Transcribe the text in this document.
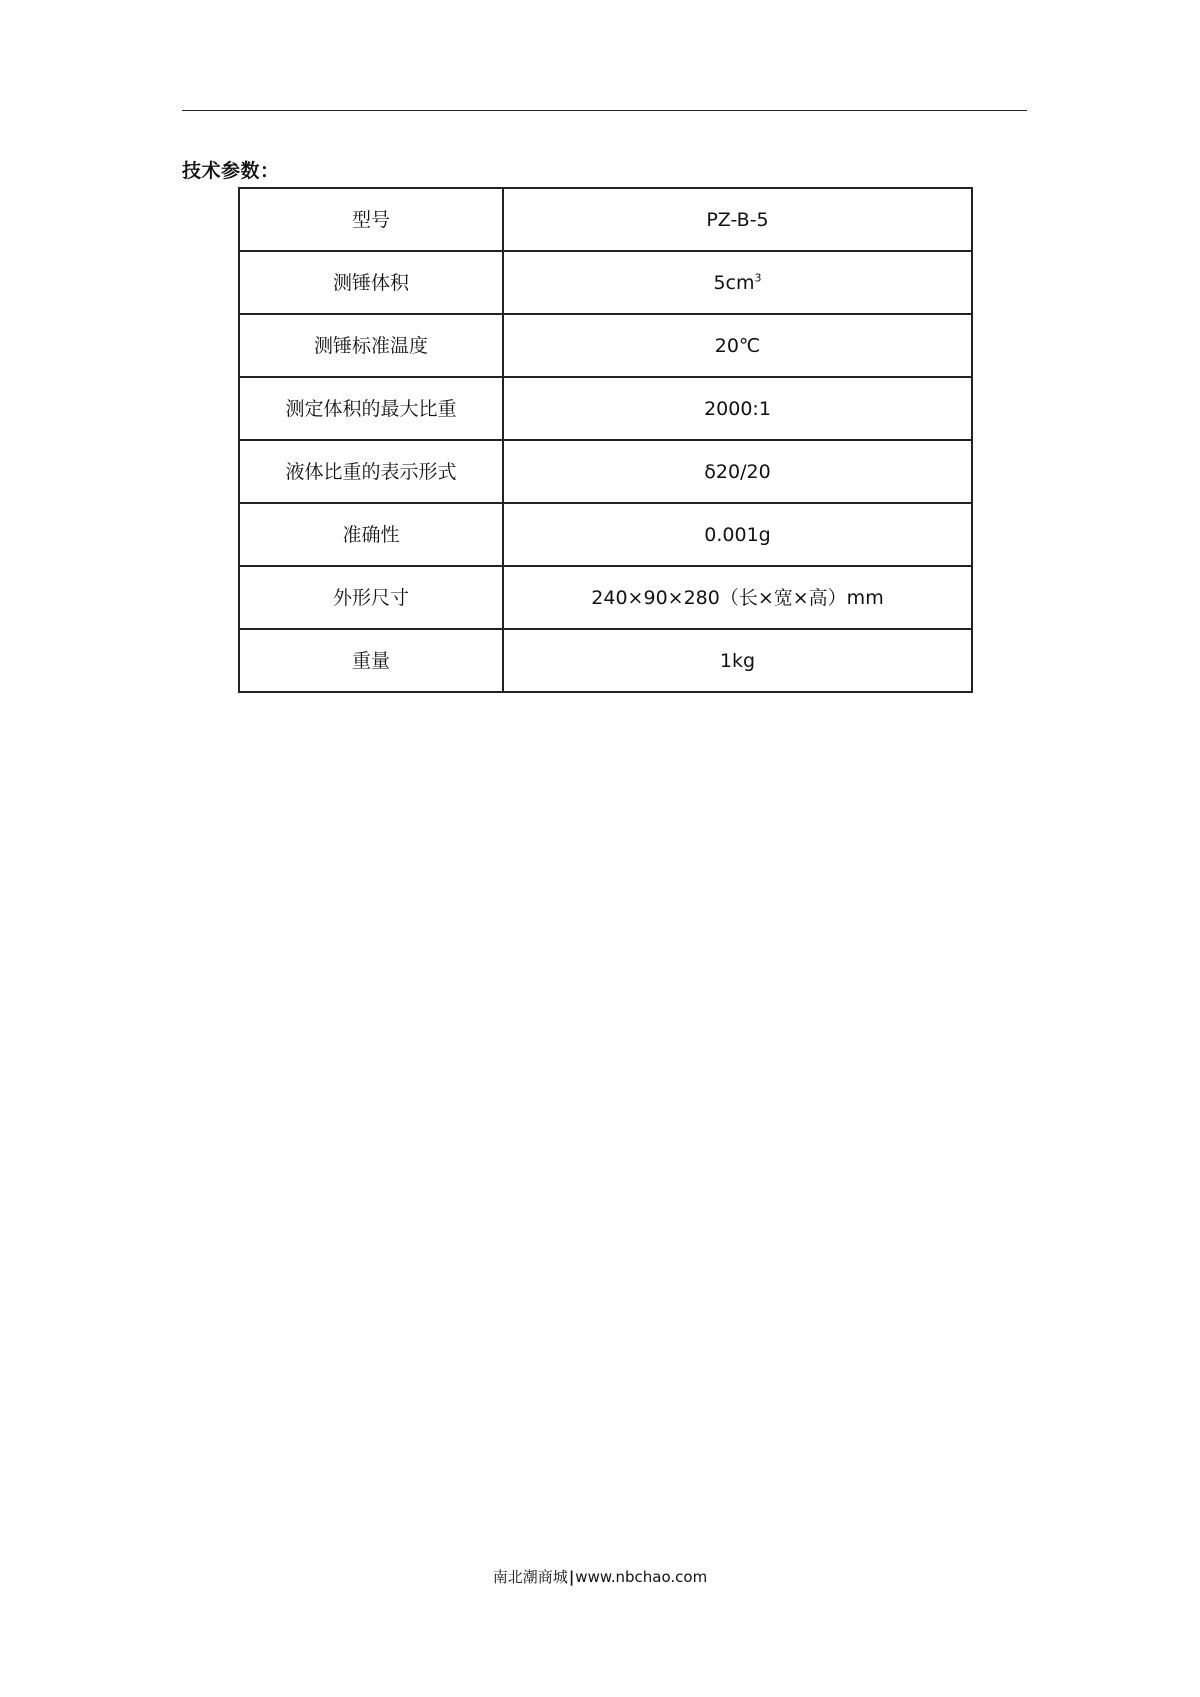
技术参数：
型号	PZ-B-5
测锤体积	$5cm^3$
测锤标准温度	20℃
测定体积的最大比重	2000:1
液体比重的表示形式	δ20/20
准确性	0.001g
外形尺寸	240×90×280（长×宽×高）mm
重量	1kg
南北潮商城|www.nbchao.com
